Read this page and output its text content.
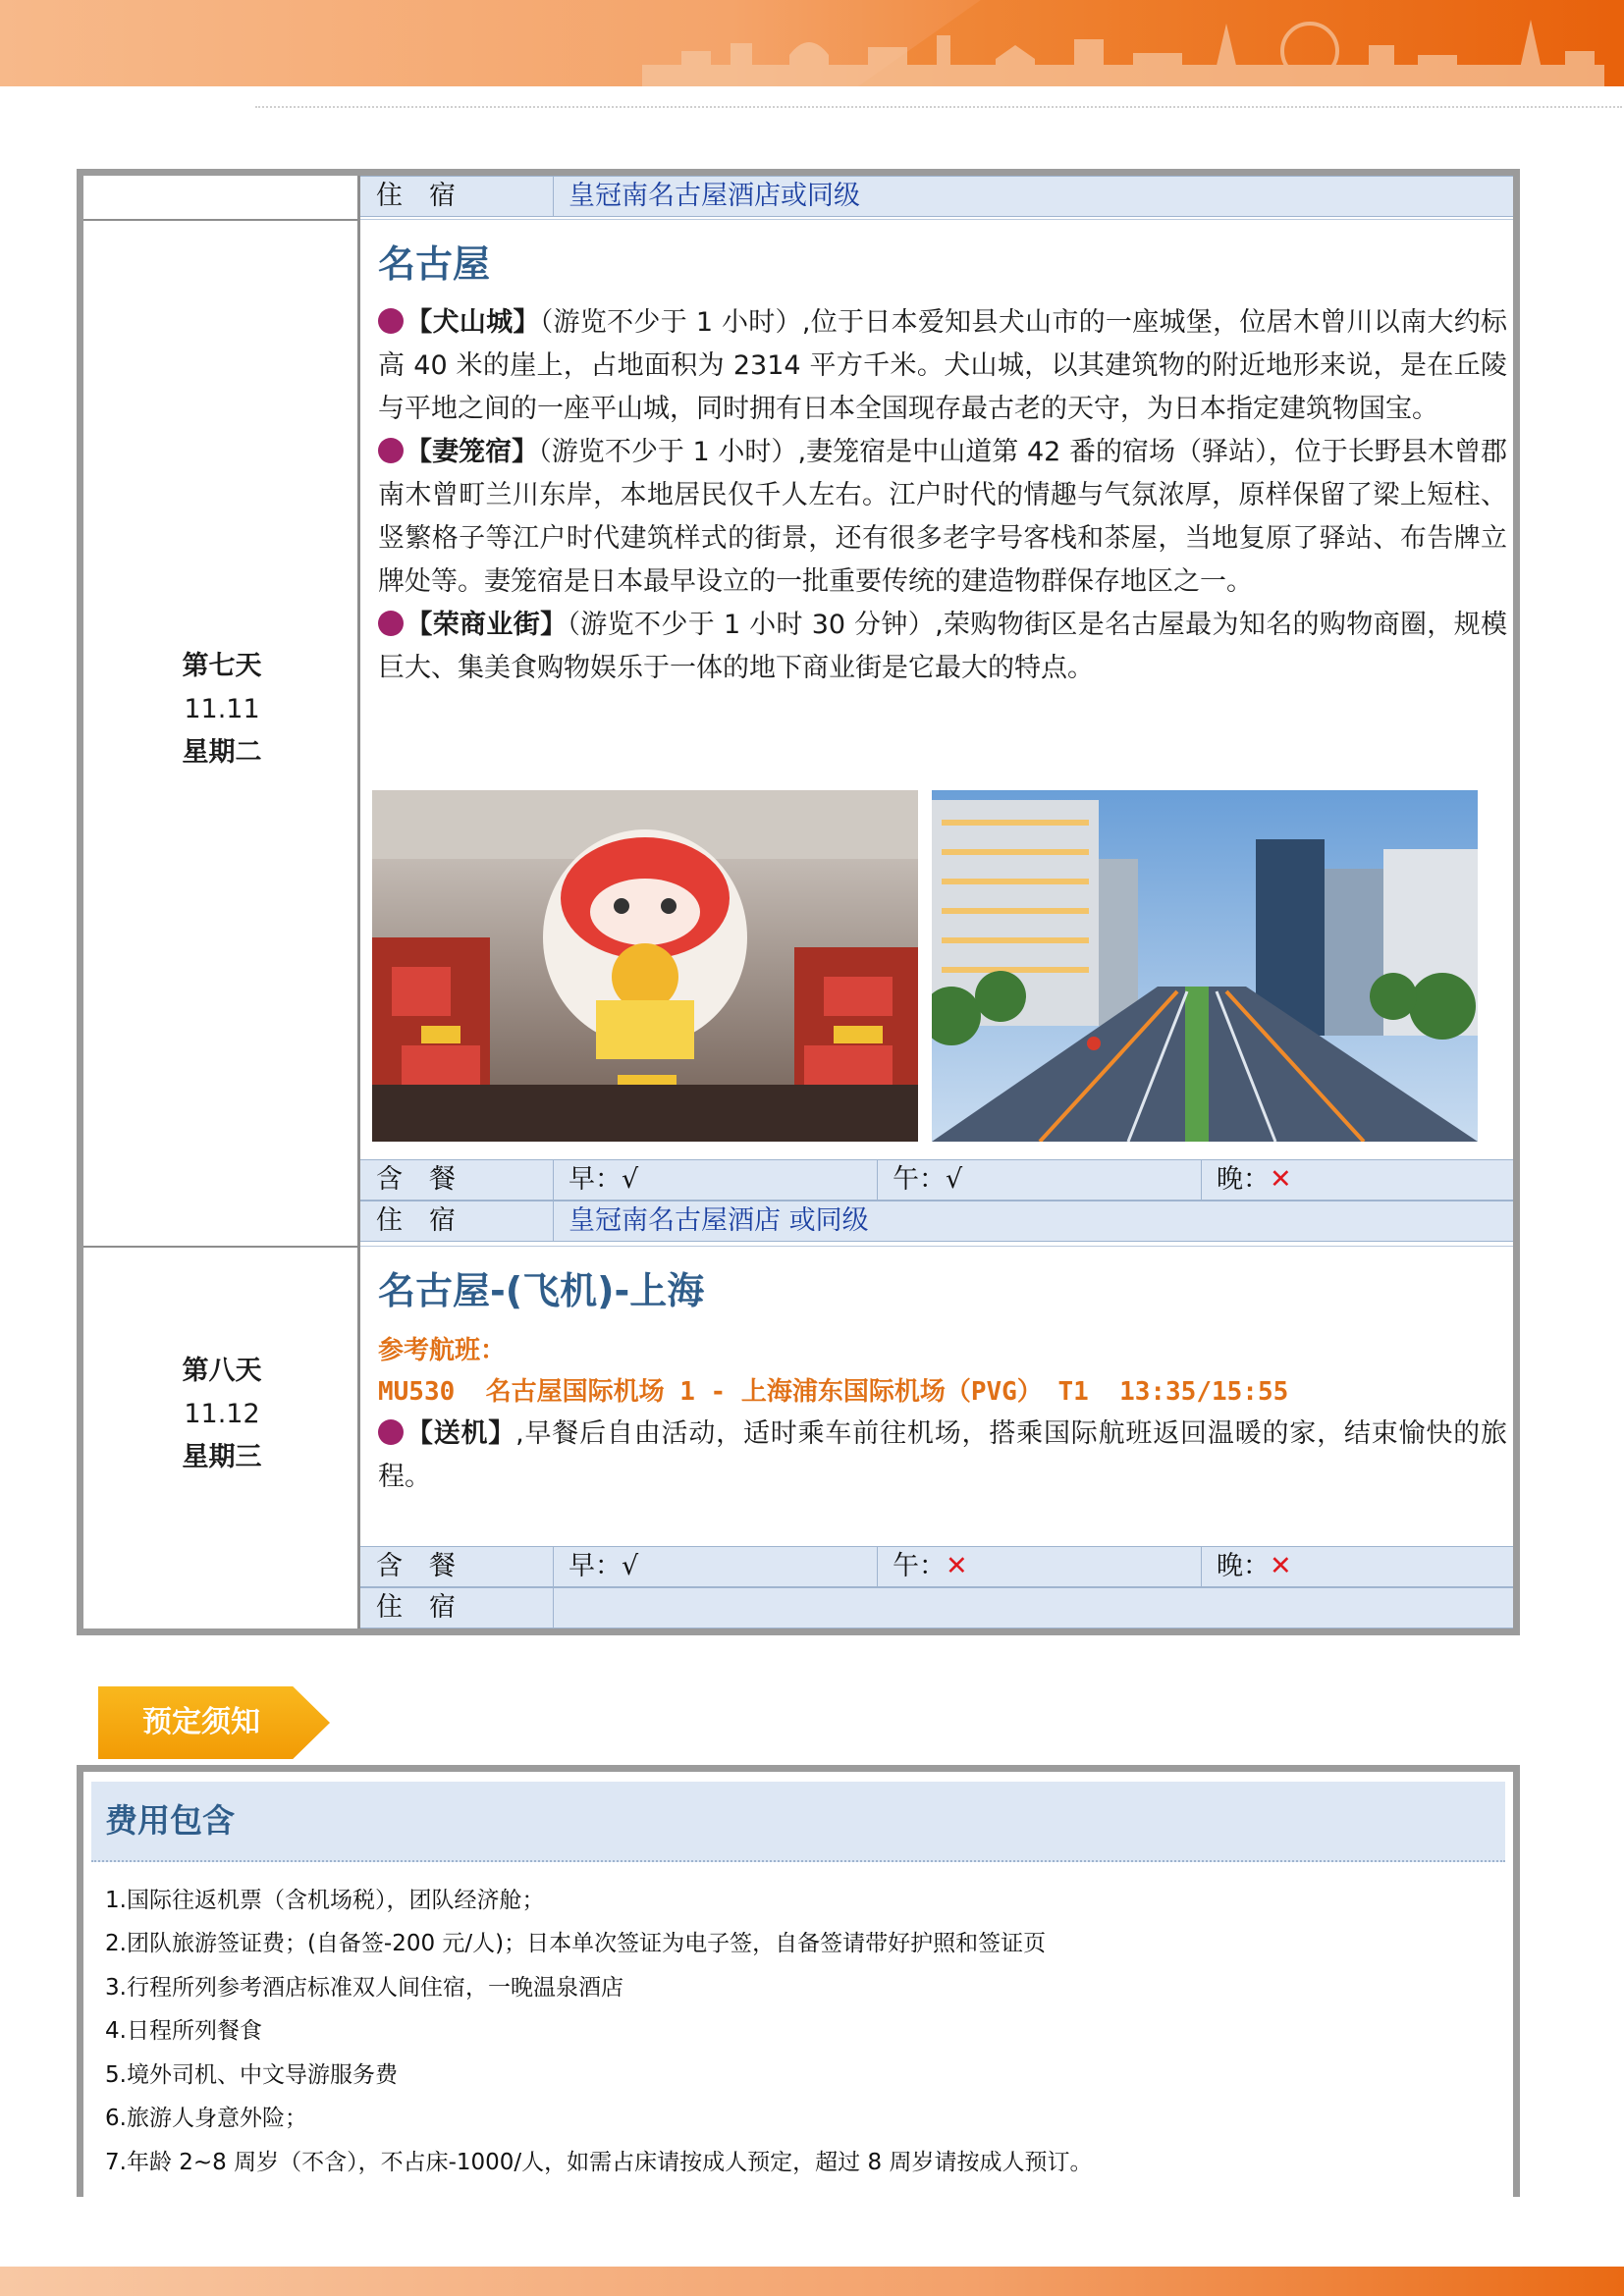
住　宿	皇冠南名古屋酒店或同级
第七天
11.11
星期二

名古屋

【犬山城】（游览不少于 1 小时）,位于日本爱知县犬山市的一座城堡，位居木曾川以南大约标高 40 米的崖上，占地面积为 2314 平方千米。犬山城，以其建筑物的附近地形来说，是在丘陵与平地之间的一座平山城，同时拥有日本全国现存最古老的天守，为日本指定建筑物国宝。

【妻笼宿】（游览不少于 1 小时）,妻笼宿是中山道第 42 番的宿场（驿站），位于长野县木曾郡南木曾町兰川东岸，本地居民仅千人左右。江户时代的情趣与气氛浓厚，原样保留了梁上短柱、竖繁格子等江户时代建筑样式的街景，还有很多老字号客栈和茶屋，当地复原了驿站、布告牌立牌处等。妻笼宿是日本最早设立的一批重要传统的建造物群保存地区之一。

【荣商业街】（游览不少于 1 小时 30 分钟）,荣购物街区是名古屋最为知名的购物商圈，规模巨大、集美食购物娱乐于一体的地下商业街是它最大的特点。

含　餐	早：√	午：√	晚：✕
住　宿	皇冠南名古屋酒店 或同级
第八天
11.12
星期三

名古屋-(飞机)-上海

参考航班：

MU530  名古屋国际机场 1 - 上海浦东国际机场（PVG） T1  13:35/15:55

【送机】,早餐后自由活动，适时乘车前往机场，搭乘国际航班返回温暖的家，结束愉快的旅程。

含　餐	早：√	午：✕	晚：✕
住　宿
预定须知
费用包含
1.国际往返机票（含机场税），团队经济舱；
2.团队旅游签证费；(自备签-200 元/人)；日本单次签证为电子签，自备签请带好护照和签证页
3.行程所列参考酒店标准双人间住宿，一晚温泉酒店
4.日程所列餐食
5.境外司机、中文导游服务费
6.旅游人身意外险；
7.年龄 2~8 周岁（不含），不占床-1000/人，如需占床请按成人预定，超过 8 周岁请按成人预订。
